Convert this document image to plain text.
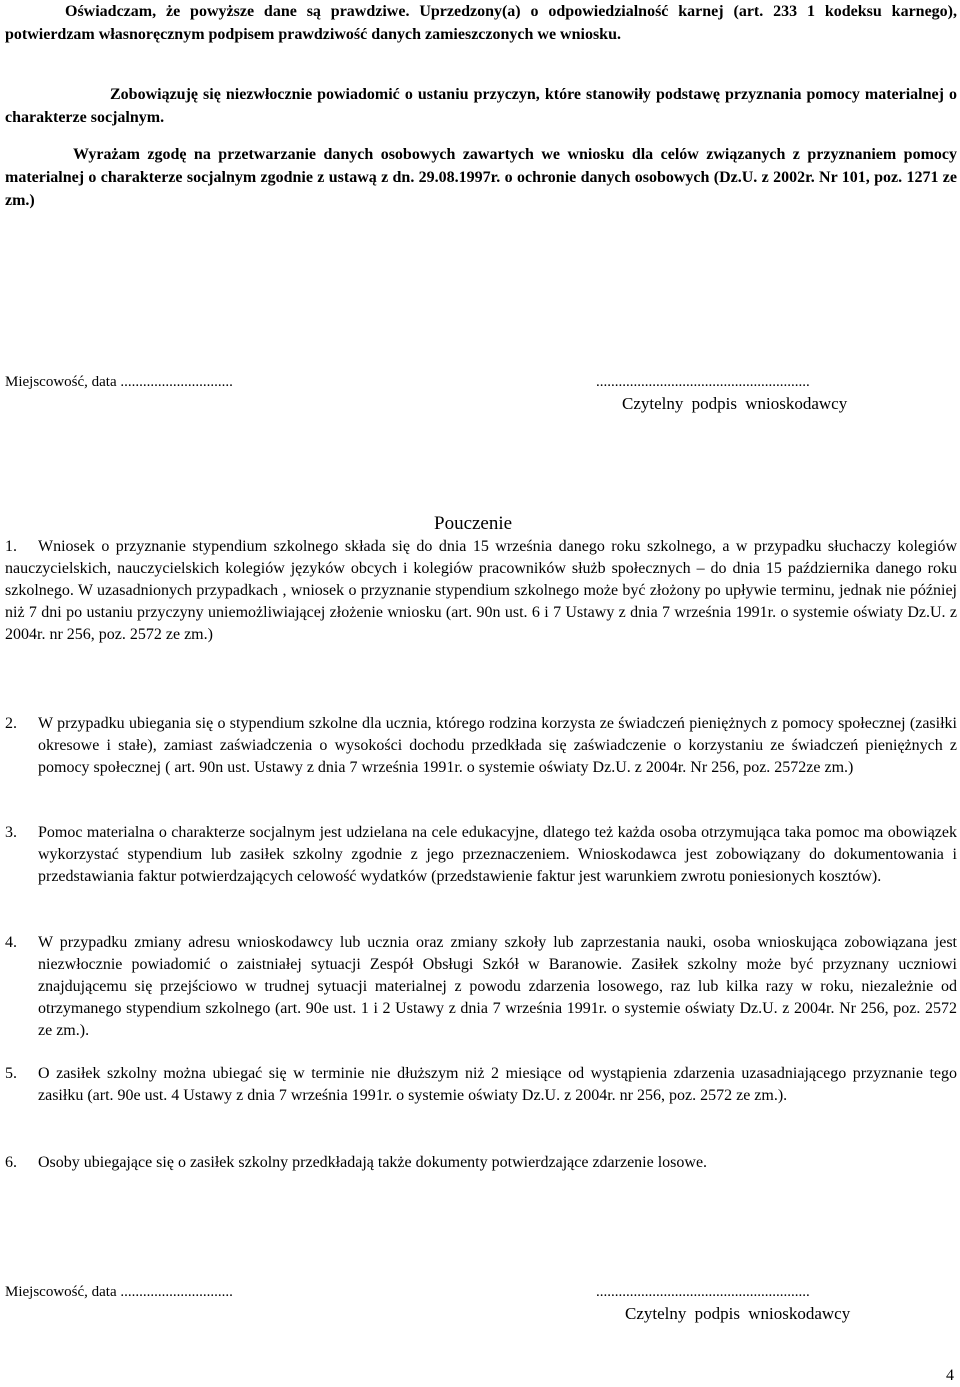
Oświadczam, że powyższe dane są prawdziwe. Uprzedzony(a) o odpowiedzialność karnej (art. 233 1 kodeksu karnego), potwierdzam własnoręcznym podpisem prawdziwość danych zamieszczonych we wniosku.

Zobowiązuję się niezwłocznie powiadomić o ustaniu przyczyn, które stanowiły podstawę przyznania pomocy materialnej o charakterze socjalnym.

Wyrażam zgodę na przetwarzanie danych osobowych zawartych we wniosku dla celów związanych z przyznaniem pomocy materialnej o charakterze socjalnym zgodnie z ustawą z dn. 29.08.1997r. o ochronie danych osobowych (Dz.U. z 2002r. Nr 101, poz. 1271 ze zm.)

Miejscowość, data ..............................	.........................................................
Czytelny podpis wnioskodawcy
Pouczenie
1. Wniosek o przyznanie stypendium szkolnego składa się do dnia 15 września danego roku szkolnego, a w przypadku słuchaczy kolegiów nauczycielskich, nauczycielskich kolegiów języków obcych i kolegiów pracowników służb społecznych – do dnia 15 października danego roku szkolnego. W uzasadnionych przypadkach , wniosek o przyznanie stypendium szkolnego może być złożony po upływie terminu, jednak nie później niż 7 dni po ustaniu przyczyny uniemożliwiającej złożenie wniosku (art. 90n ust. 6 i 7 Ustawy z dnia 7 września 1991r. o systemie oświaty Dz.U. z 2004r. nr 256, poz. 2572 ze zm.)
2. W przypadku ubiegania się o stypendium szkolne dla ucznia, którego rodzina korzysta ze świadczeń pieniężnych z pomocy społecznej (zasiłki okresowe i stałe), zamiast zaświadczenia o wysokości dochodu przedkłada się zaświadczenie o korzystaniu ze świadczeń pieniężnych z pomocy społecznej ( art. 90n ust. Ustawy z dnia 7 września 1991r. o systemie oświaty Dz.U. z 2004r. Nr 256, poz. 2572ze zm.)
3. Pomoc materialna o charakterze socjalnym jest udzielana na cele edukacyjne, dlatego też każda osoba otrzymująca taka pomoc ma obowiązek wykorzystać stypendium lub zasiłek szkolny zgodnie z jego przeznaczeniem. Wnioskodawca jest zobowiązany do dokumentowania i przedstawiania faktur potwierdzających celowość wydatków (przedstawienie faktur jest warunkiem zwrotu poniesionych kosztów).
4. W przypadku zmiany adresu wnioskodawcy lub ucznia oraz zmiany szkoły lub zaprzestania nauki, osoba wnioskująca zobowiązana jest niezwłocznie powiadomić o zaistniałej sytuacji Zespół Obsługi Szkół w Baranowie. Zasiłek szkolny może być przyznany uczniowi znajdującemu się przejściowo w trudnej sytuacji materialnej z powodu zdarzenia losowego, raz lub kilka razy w roku, niezależnie od otrzymanego stypendium szkolnego (art. 90e ust. 1 i 2 Ustawy z dnia 7 września 1991r. o systemie oświaty Dz.U. z 2004r. Nr 256, poz. 2572 ze zm.).
5. O zasiłek szkolny można ubiegać się w terminie nie dłuższym niż 2 miesiące od wystąpienia zdarzenia uzasadniającego przyznanie tego zasiłku (art. 90e ust. 4 Ustawy z dnia 7 września 1991r. o systemie oświaty Dz.U. z 2004r. nr 256, poz. 2572 ze zm.).
6. Osoby ubiegające się o zasiłek szkolny przedkładają także dokumenty potwierdzające zdarzenie losowe.
Miejscowość, data ..............................	.........................................................
Czytelny podpis wnioskodawcy
4
